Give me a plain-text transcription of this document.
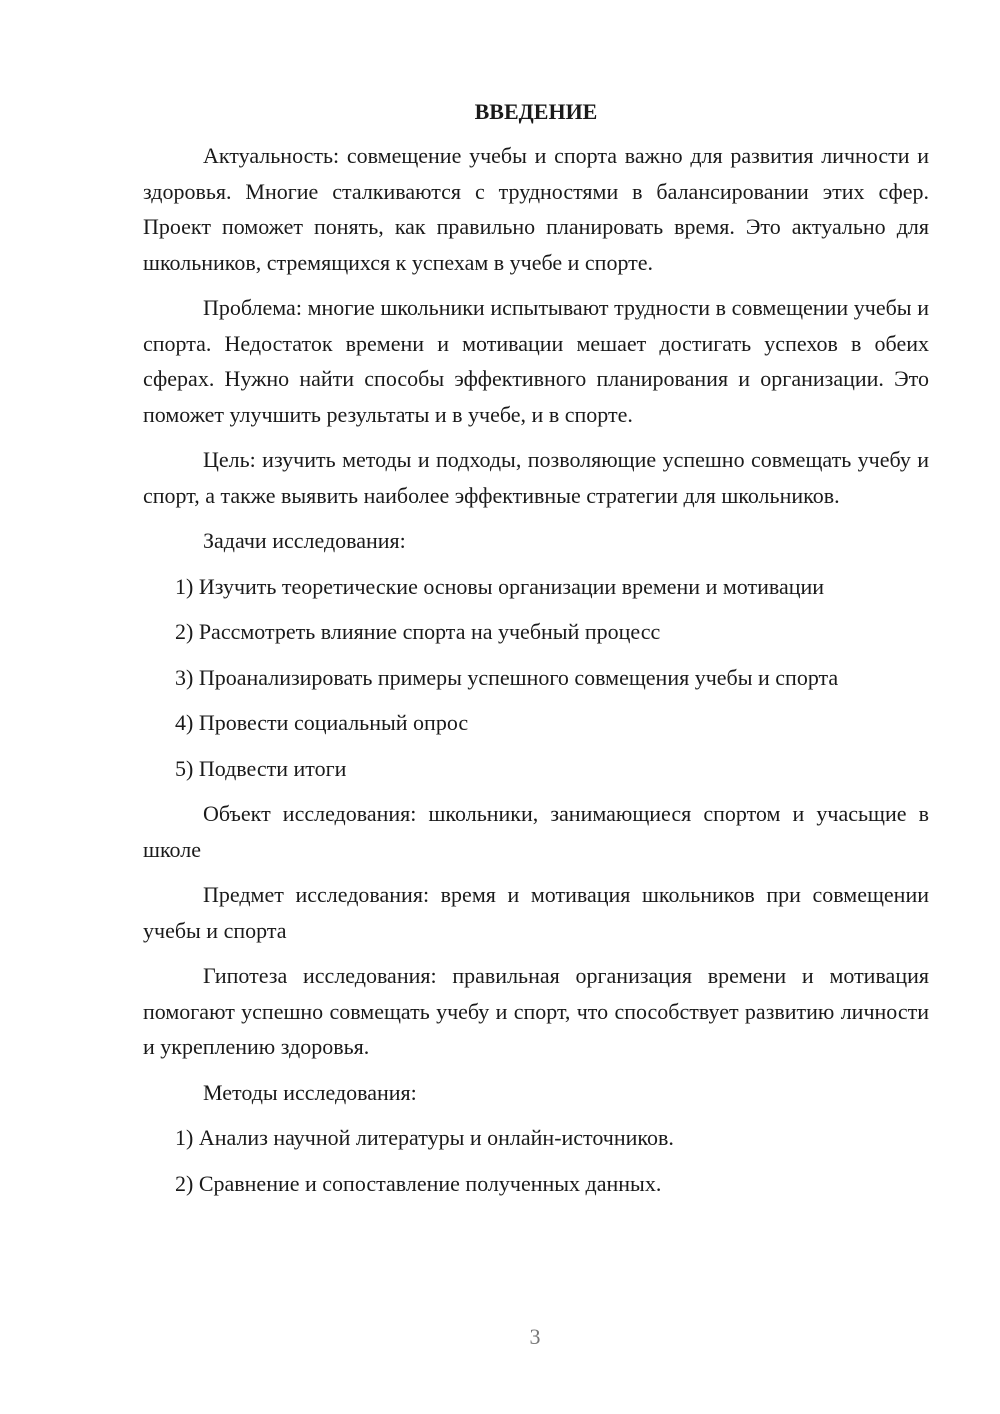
ВВЕДЕНИЕ

Актуальность: совмещение учебы и спорта важно для развития личности и здоровья. Многие сталкиваются с трудностями в балансировании этих сфер. Проект поможет понять, как правильно планировать время. Это актуально для школьников, стремящихся к успехам в учебе и спорте.

Проблема: многие школьники испытывают трудности в совмещении учебы и спорта. Недостаток времени и мотивации мешает достигать успехов в обеих сферах. Нужно найти способы эффективного планирования и организации. Это поможет улучшить результаты и в учебе, и в спорте.

Цель: изучить методы и подходы, позволяющие успешно совмещать учебу и спорт, а также выявить наиболее эффективные стратегии для школьников.

Задачи исследования:

1) Изучить теоретические основы организации времени и мотивации

2) Рассмотреть влияние спорта на учебный процесс

3) Проанализировать примеры успешного совмещения учебы и спорта

4) Провести социальный опрос

5) Подвести итоги

Объект исследования: школьники, занимающиеся спортом и учасьщие в школе

Предмет исследования: время и мотивация школьников при совмещении учебы и спорта

Гипотеза исследования: правильная организация времени и мотивация помогают успешно совмещать учебу и спорт, что способствует развитию личности и укреплению здоровья.

Методы исследования:

1) Анализ научной литературы и онлайн-источников.

2) Сравнение и сопоставление полученных данных.

3
